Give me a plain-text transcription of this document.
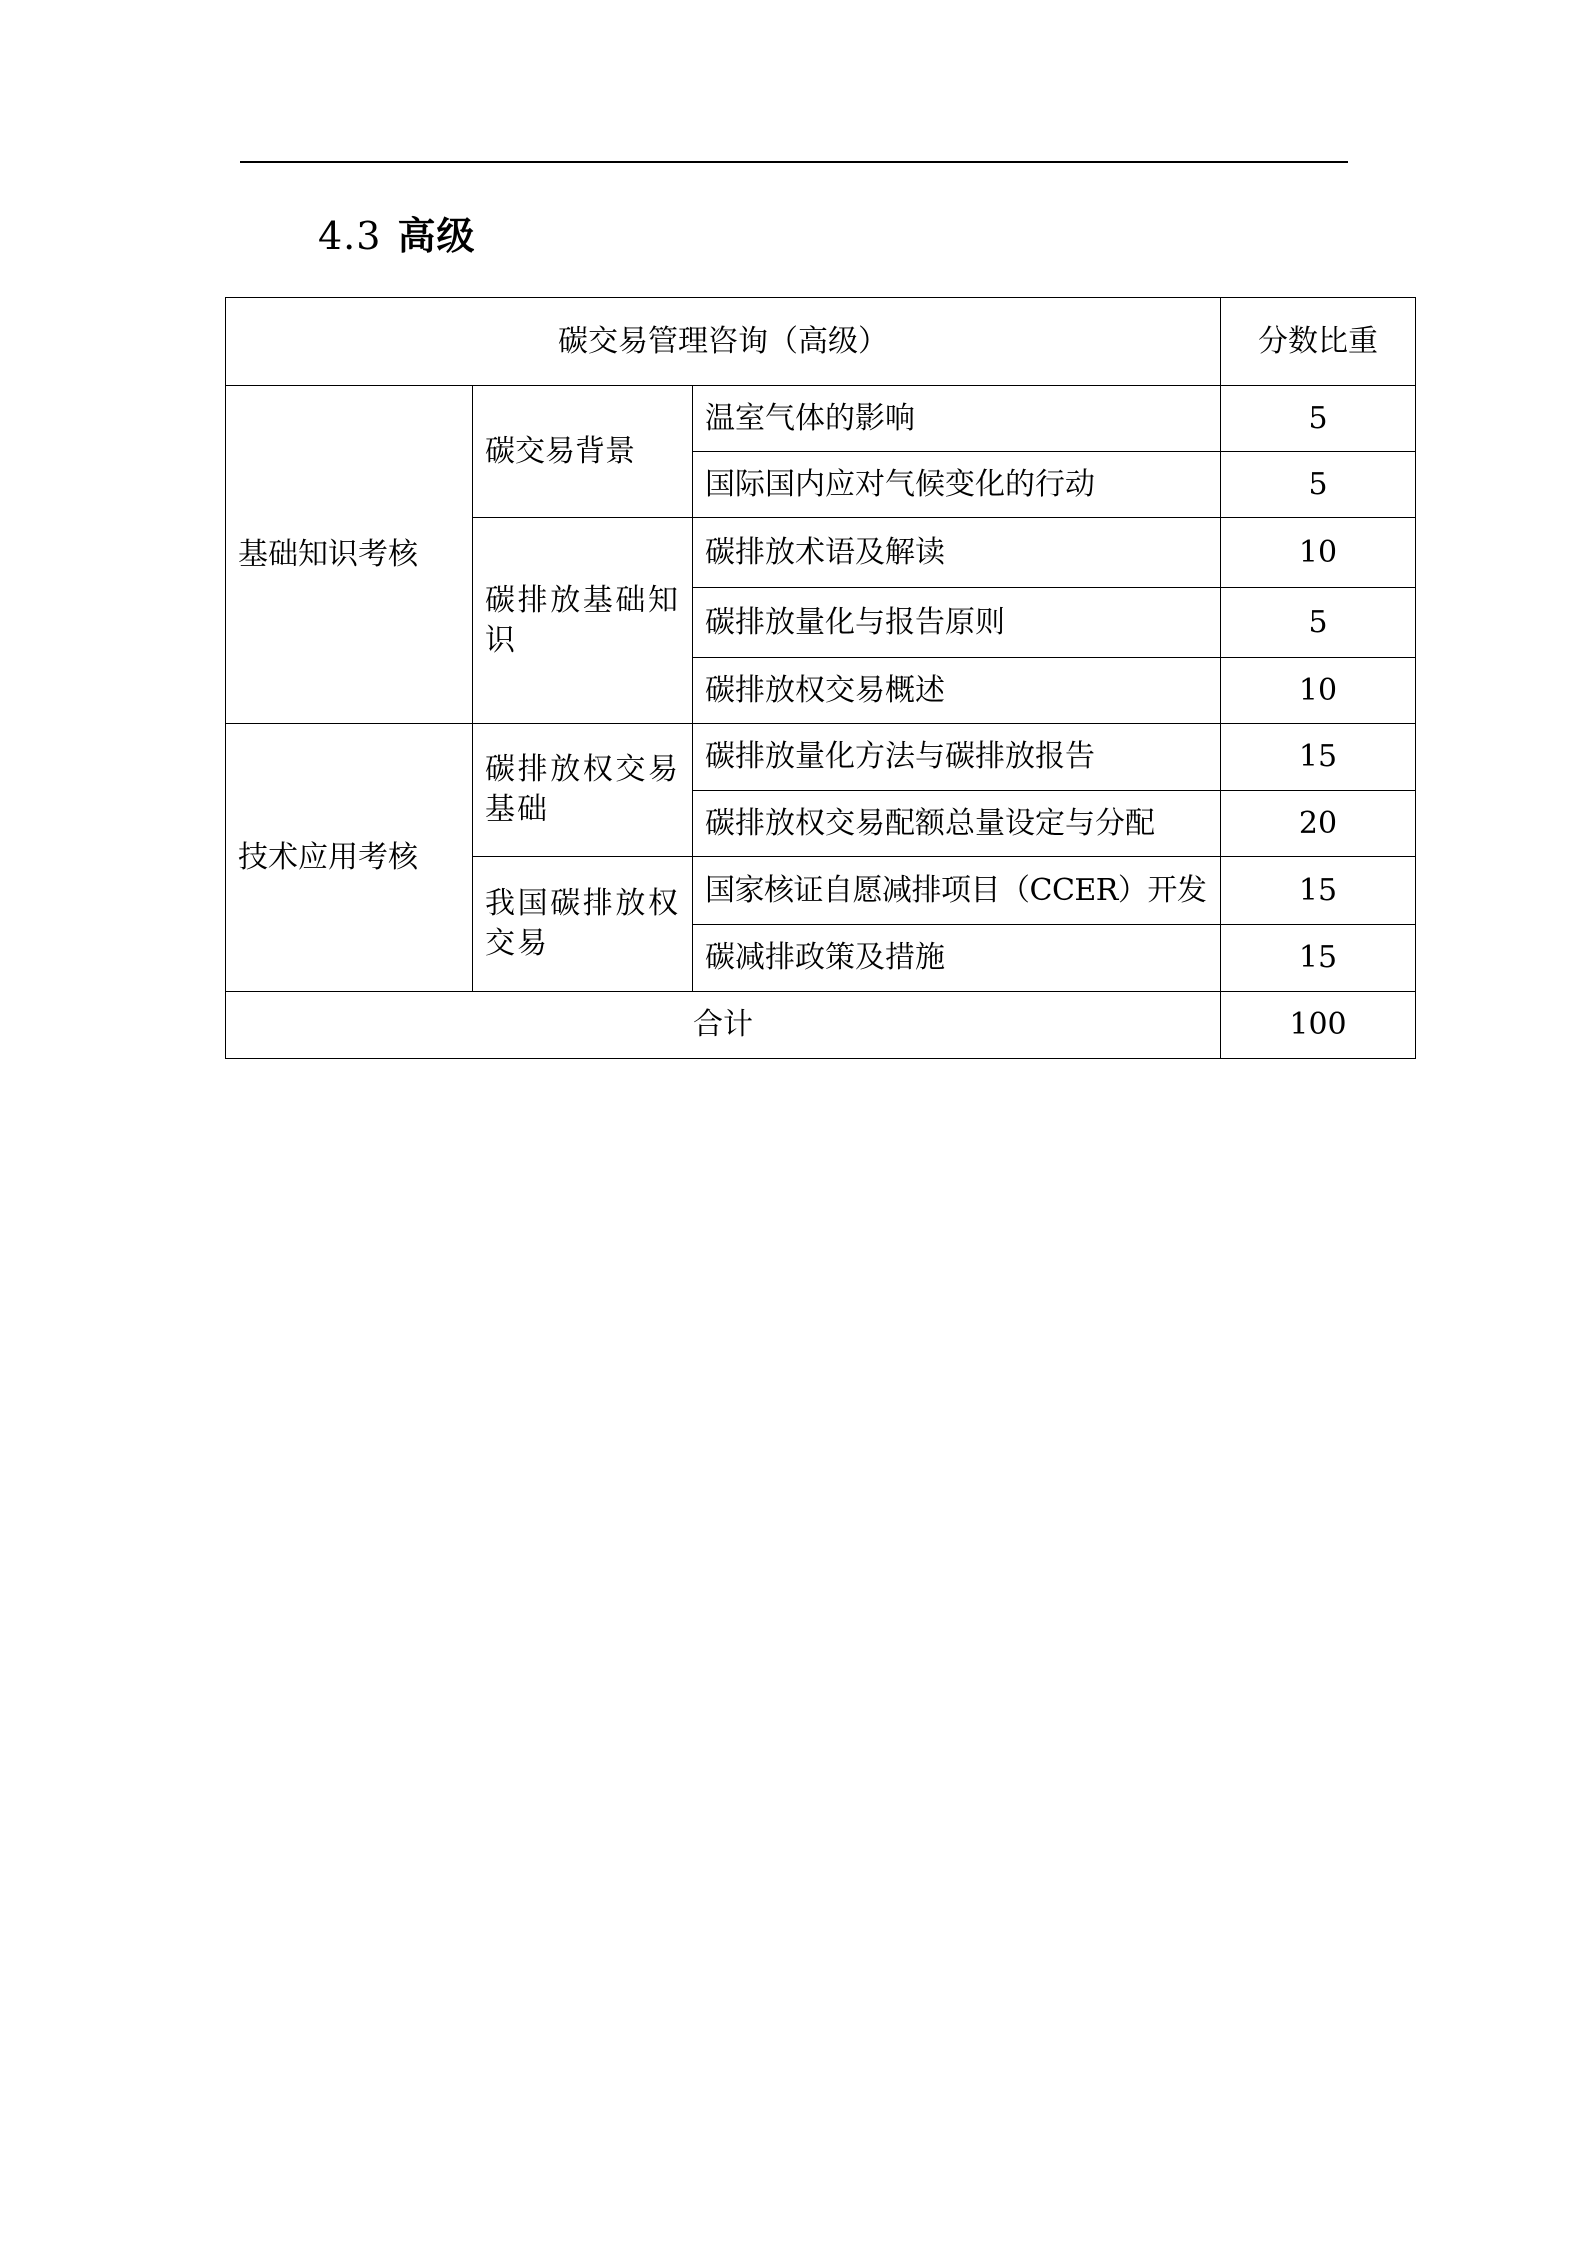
4.3 高级
碳交易管理咨询（高级）			分数比重
基础知识考核	碳交易背景	温室气体的影响	5
		国际国内应对气候变化的行动	5
	碳排放基础知识	碳排放术语及解读	10
		碳排放量化与报告原则	5
		碳排放权交易概述	10
技术应用考核	碳排放权交易基础	碳排放量化方法与碳排放报告	15
		碳排放权交易配额总量设定与分配	20
	我国碳排放权交易	国家核证自愿减排项目（CCER）开发	15
		碳减排政策及措施	15
合计			100
